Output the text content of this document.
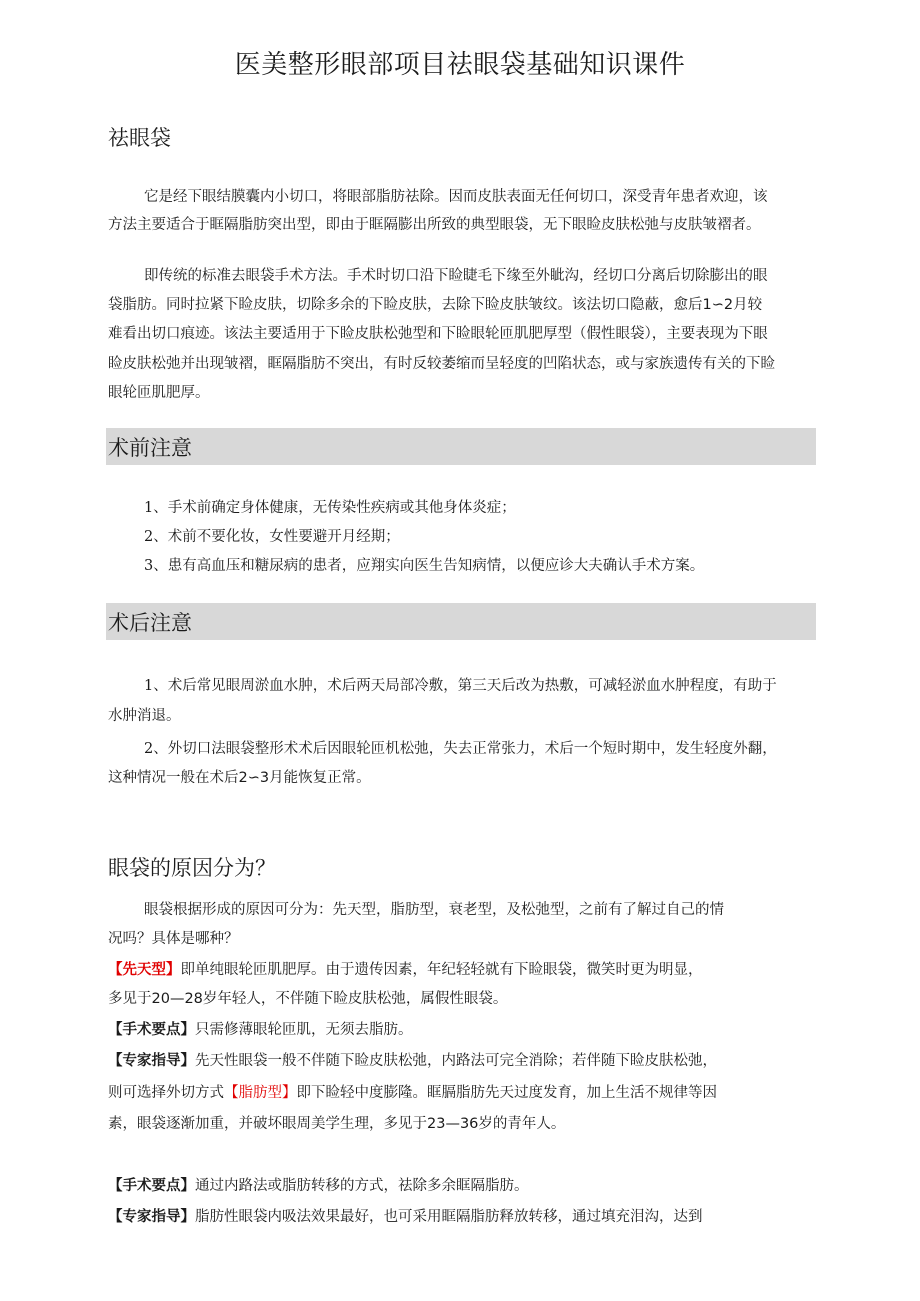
医美整形眼部项目祛眼袋基础知识课件
祛眼袋
它是经下眼结膜囊内小切口，将眼部脂肪祛除。因而皮肤表面无任何切口，深受青年患者欢迎，该
方法主要适合于眶隔脂肪突出型，即由于眶隔膨出所致的典型眼袋，无下眼睑皮肤松弛与皮肤皱褶者。
即传统的标准去眼袋手术方法。手术时切口沿下睑睫毛下缘至外眦沟，经切口分离后切除膨出的眼
袋脂肪。同时拉紧下睑皮肤，切除多余的下睑皮肤，去除下睑皮肤皱纹。该法切口隐蔽，愈后1∽2月较
难看出切口痕迹。该法主要适用于下睑皮肤松弛型和下睑眼轮匝肌肥厚型（假性眼袋），主要表现为下眼
睑皮肤松弛并出现皱褶，眶隔脂肪不突出，有时反较萎缩而呈轻度的凹陷状态，或与家族遗传有关的下睑
眼轮匝肌肥厚。
术前注意
1、手术前确定身体健康，无传染性疾病或其他身体炎症；
2、术前不要化妆，女性要避开月经期；
3、患有高血压和糖尿病的患者，应翔实向医生告知病情，以便应诊大夫确认手术方案。
术后注意
1、术后常见眼周淤血水肿，术后两天局部冷敷，第三天后改为热敷，可减轻淤血水肿程度，有助于
水肿消退。
2、外切口法眼袋整形术术后因眼轮匝机松弛，失去正常张力，术后一个短时期中，发生轻度外翻，
这种情况一般在术后2∽3月能恢复正常。
眼袋的原因分为？
眼袋根据形成的原因可分为：先天型，脂肪型，衰老型，及松弛型，之前有了解过自己的情
况吗？具体是哪种？
【先天型】即单纯眼轮匝肌肥厚。由于遗传因素，年纪轻轻就有下睑眼袋，微笑时更为明显，
多见于20—28岁年轻人，不伴随下睑皮肤松弛，属假性眼袋。
【手术要点】只需修薄眼轮匝肌，无须去脂肪。
【专家指导】先天性眼袋一般不伴随下睑皮肤松弛，内路法可完全消除；若伴随下睑皮肤松弛，
则可选择外切方式【脂肪型】即下睑轻中度膨隆。眶膈脂肪先天过度发育，加上生活不规律等因
素，眼袋逐渐加重，并破坏眼周美学生理，多见于23—36岁的青年人。
【手术要点】通过内路法或脂肪转移的方式，祛除多余眶隔脂肪。
【专家指导】脂肪性眼袋内吸法效果最好，也可采用眶隔脂肪释放转移，通过填充泪沟，达到
